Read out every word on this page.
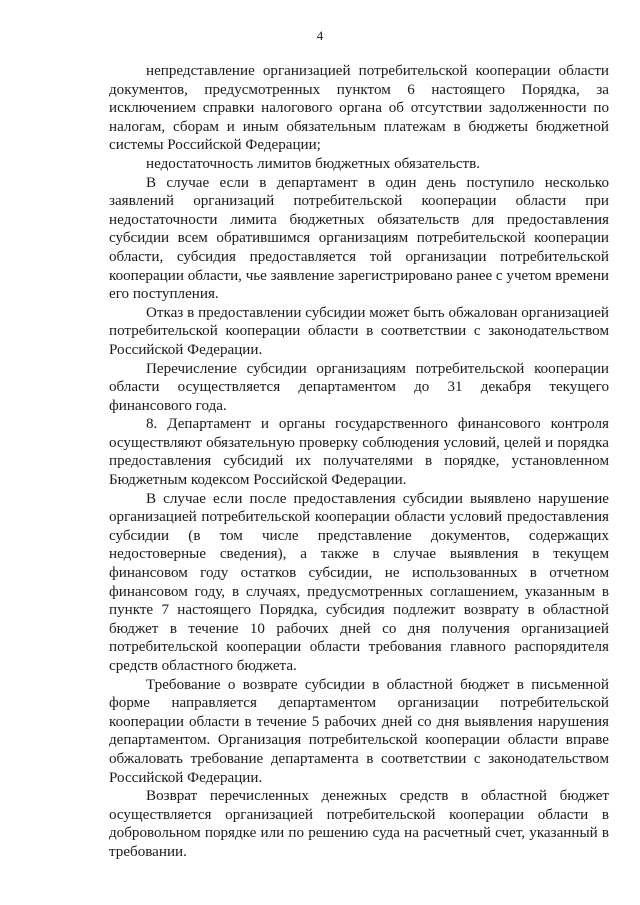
4

непредставление организацией потребительской кооперации области документов, предусмотренных пунктом 6 настоящего Порядка, за исключением справки налогового органа об отсутствии задолженности по налогам, сборам и иным обязательным платежам в бюджеты бюджетной системы Российской Федерации;

недостаточность лимитов бюджетных обязательств.

В случае если в департамент в один день поступило несколько заявлений организаций потребительской кооперации области при недостаточности лимита бюджетных обязательств для предоставления субсидии всем обратившимся организациям потребительской кооперации области, субсидия предоставляется той организации потребительской кооперации области, чье заявление зарегистрировано ранее с учетом времени его поступления.

Отказ в предоставлении субсидии может быть обжалован организацией потребительской кооперации области в соответствии с законодательством Российской Федерации.

Перечисление субсидии организациям потребительской кооперации области осуществляется департаментом до 31 декабря текущего финансового года.

8. Департамент и органы государственного финансового контроля осуществляют обязательную проверку соблюдения условий, целей и порядка предоставления субсидий их получателями в порядке, установленном Бюджетным кодексом Российской Федерации.

В случае если после предоставления субсидии выявлено нарушение организацией потребительской кооперации области условий предоставления субсидии (в том числе представление документов, содержащих недостоверные сведения), а также в случае выявления в текущем финансовом году остатков субсидии, не использованных в отчетном финансовом году, в случаях, предусмотренных соглашением, указанным в пункте 7 настоящего Порядка, субсидия подлежит возврату в областной бюджет в течение 10 рабочих дней со дня получения организацией потребительской кооперации области требования главного распорядителя средств областного бюджета.

Требование о возврате субсидии в областной бюджет в письменной форме направляется департаментом организации потребительской кооперации области в течение 5 рабочих дней со дня выявления нарушения департаментом. Организация потребительской кооперации области вправе обжаловать требование департамента в соответствии с законодательством Российской Федерации.

Возврат перечисленных денежных средств в областной бюджет осуществляется организацией потребительской кооперации области в добровольном порядке или по решению суда на расчетный счет, указанный в требовании.
